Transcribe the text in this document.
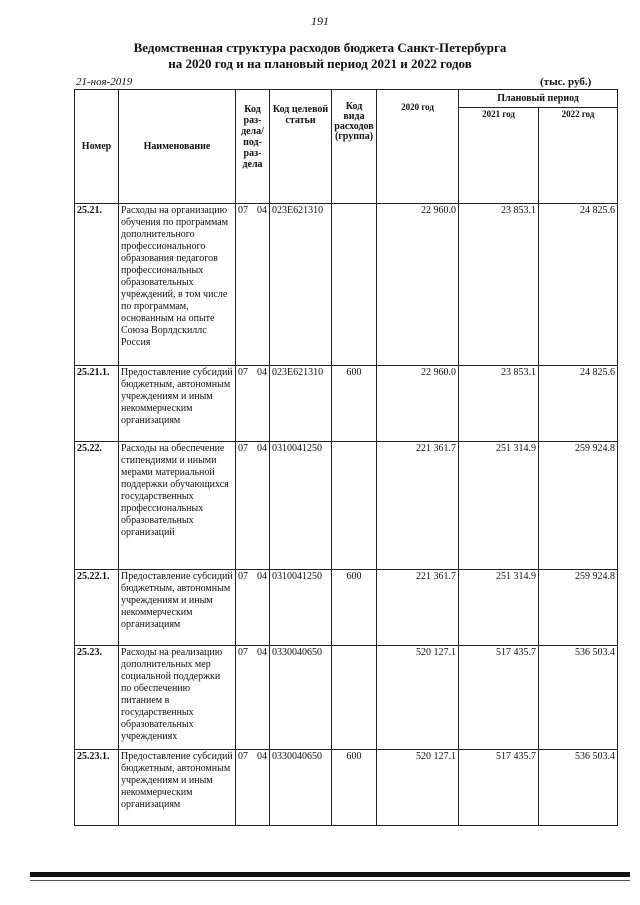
191
Ведомственная структура расходов бюджета Санкт-Петербурга
на 2020 год и на плановый период 2021 и 2022 годов
21-ноя-2019	(тыс. руб.)
Номер	Наименование	Код раз-дела/ под-раз-дела		Код целевой статьи	Код вида расходов (группа)	2020 год	Плановый период	
							2021 год	2022 год
25.21.	Расходы на организацию обучения по программам дополнительного профессионального образования педагогов профессиональных образовательных учреждений, в том числе по программам, основанным на опыте Союза Ворлдскиллс Россия	07	04	023E621310		22 960.0	23 853.1	24 825.6
25.21.1.	Предоставление субсидий бюджетным, автономным учреждениям и иным некоммерческим организациям	07	04	023E621310	600	22 960.0	23 853.1	24 825.6
25.22.	Расходы на обеспечение стипендиями и иными мерами материальной поддержки обучающихся государственных профессиональных образовательных организаций	07	04	0310041250		221 361.7	251 314.9	259 924.8
25.22.1.	Предоставление субсидий бюджетным, автономным учреждениям и иным некоммерческим организациям	07	04	0310041250	600	221 361.7	251 314.9	259 924.8
25.23.	Расходы на реализацию дополнительных мер социальной поддержки по обеспечению питанием в государственных образовательных учреждениях	07	04	0330040650		520 127.1	517 435.7	536 503.4
25.23.1.	Предоставление субсидий бюджетным, автономным учреждениям и иным некоммерческим организациям	07	04	0330040650	600	520 127.1	517 435.7	536 503.4
